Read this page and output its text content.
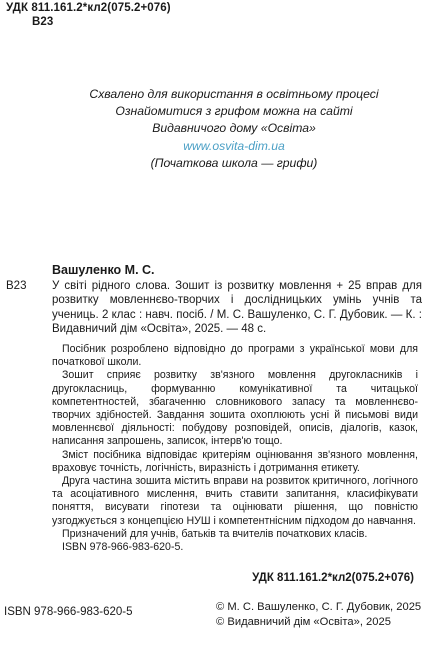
УДК 811.161.2*кл2(075.2+076)
В23
Схвалено для використання в освітньому процесі
Ознайомитися з грифом можна на сайті
Видавничого дому «Освіта»
www.osvita-dim.ua
(Початкова школа — грифи)
Вашуленко М. С.
В23 У світі рідного слова. Зошит із розвитку мовлення + 25 вправ для розвитку мовленнєво-творчих і дослідницьких умінь учнів та учениць. 2 клас : навч. посіб. / М. С. Вашуленко, С. Г. Дубовик. — К. : Видавничий дім «Освіта», 2025. — 48 с.

Посібник розроблено відповідно до програми з української мови для початкової школи.

Зошит сприяє розвитку зв'язного мовлення другокласників і другокласниць, формуванню комунікативної та читацької компетентностей, збагаченню словникового запасу та мовленнєво-творчих здібностей. Завдання зошита охоплюють усні й письмові види мовленнєвої діяльності: побудову розповідей, описів, діалогів, казок, написання запрошень, записок, інтерв'ю тощо.

Зміст посібника відповідає критеріям оцінювання зв'язного мовлення, враховує точність, логічність, виразність і дотримання етикету.

Друга частина зошита містить вправи на розвиток критичного, логічного та асоціативного мислення, вчить ставити запитання, класифікувати поняття, висувати гіпотези та оцінювати рішення, що повністю узгоджується з концепцією НУШ і компетентнісним підходом до навчання.

Призначений для учнів, батьків та вчителів початкових класів.

ISBN 978-966-983-620-5.

УДК 811.161.2*кл2(075.2+076)
ISBN 978-966-983-620-5	© М. С. Вашуленко, С. Г. Дубовик, 2025
© Видавничий дім «Освіта», 2025
